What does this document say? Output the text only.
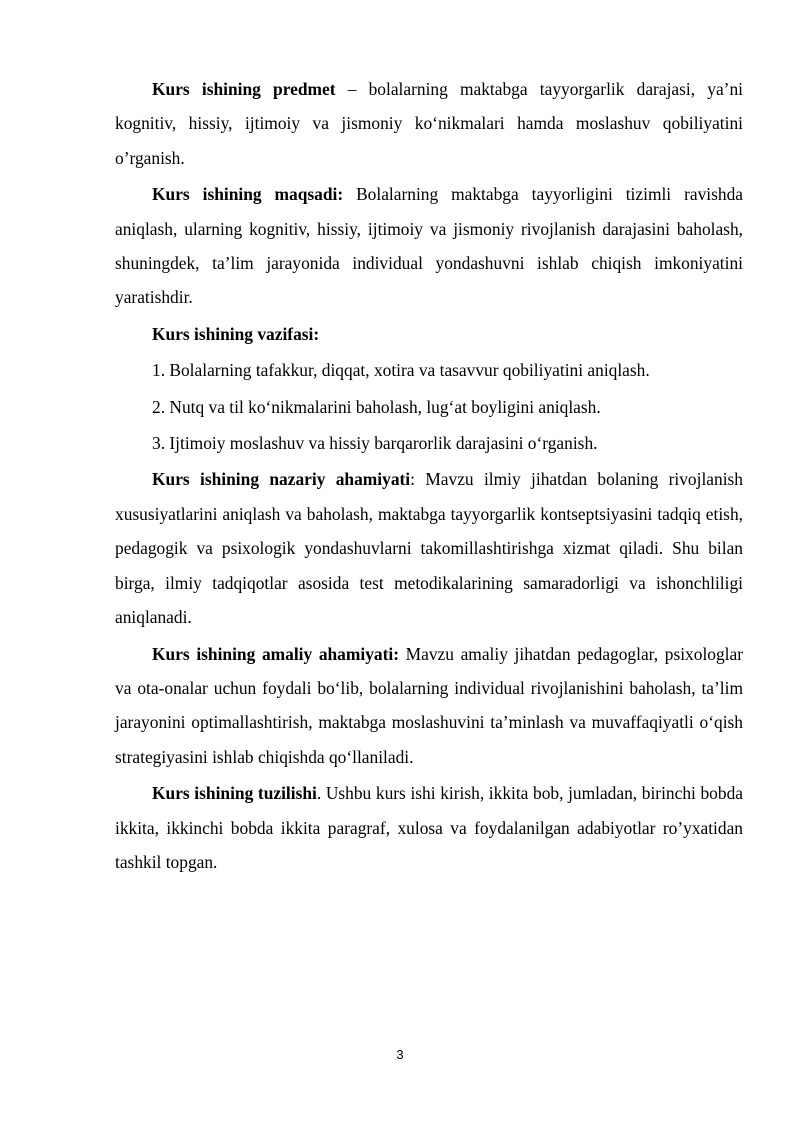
Kurs ishining predmet – bolalarning maktabga tayyorgarlik darajasi, ya’ni kognitiv, hissiy, ijtimoiy va jismoniy ko‘nikmalari hamda moslashuv qobiliyatini o’rganish.

Kurs ishining maqsadi: Bolalarning maktabga tayyorligini tizimli ravishda aniqlash, ularning kognitiv, hissiy, ijtimoiy va jismoniy rivojlanish darajasini baholash, shuningdek, ta’lim jarayonida individual yondashuvni ishlab chiqish imkoniyatini yaratishdir.

Kurs ishining vazifasi:

1. Bolalarning tafakkur, diqqat, xotira va tasavvur qobiliyatini aniqlash.

2. Nutq va til ko‘nikmalarini baholash, lug‘at boyligini aniqlash.

3. Ijtimoiy moslashuv va hissiy barqarorlik darajasini o‘rganish.

Kurs ishining nazariy ahamiyati: Mavzu ilmiy jihatdan bolaning rivojlanish xususiyatlarini aniqlash va baholash, maktabga tayyorgarlik kontseptsiyasini tadqiq etish, pedagogik va psixologik yondashuvlarni takomillashtirishga xizmat qiladi. Shu bilan birga, ilmiy tadqiqotlar asosida test metodikalarining samaradorligi va ishonchliligi aniqlanadi.

Kurs ishining amaliy ahamiyati: Mavzu amaliy jihatdan pedagoglar, psixologlar va ota-onalar uchun foydali bo‘lib, bolalarning individual rivojlanishini baholash, ta’lim jarayonini optimallashtirish, maktabga moslashuvini ta’minlash va muvaffaqiyatli o‘qish strategiyasini ishlab chiqishda qo‘llaniladi.

Kurs ishining tuzilishi. Ushbu kurs ishi kirish, ikkita bob, jumladan, birinchi bobda ikkita, ikkinchi bobda ikkita paragraf, xulosa va foydalanilgan adabiyotlar ro’yxatidan tashkil topgan.

3
